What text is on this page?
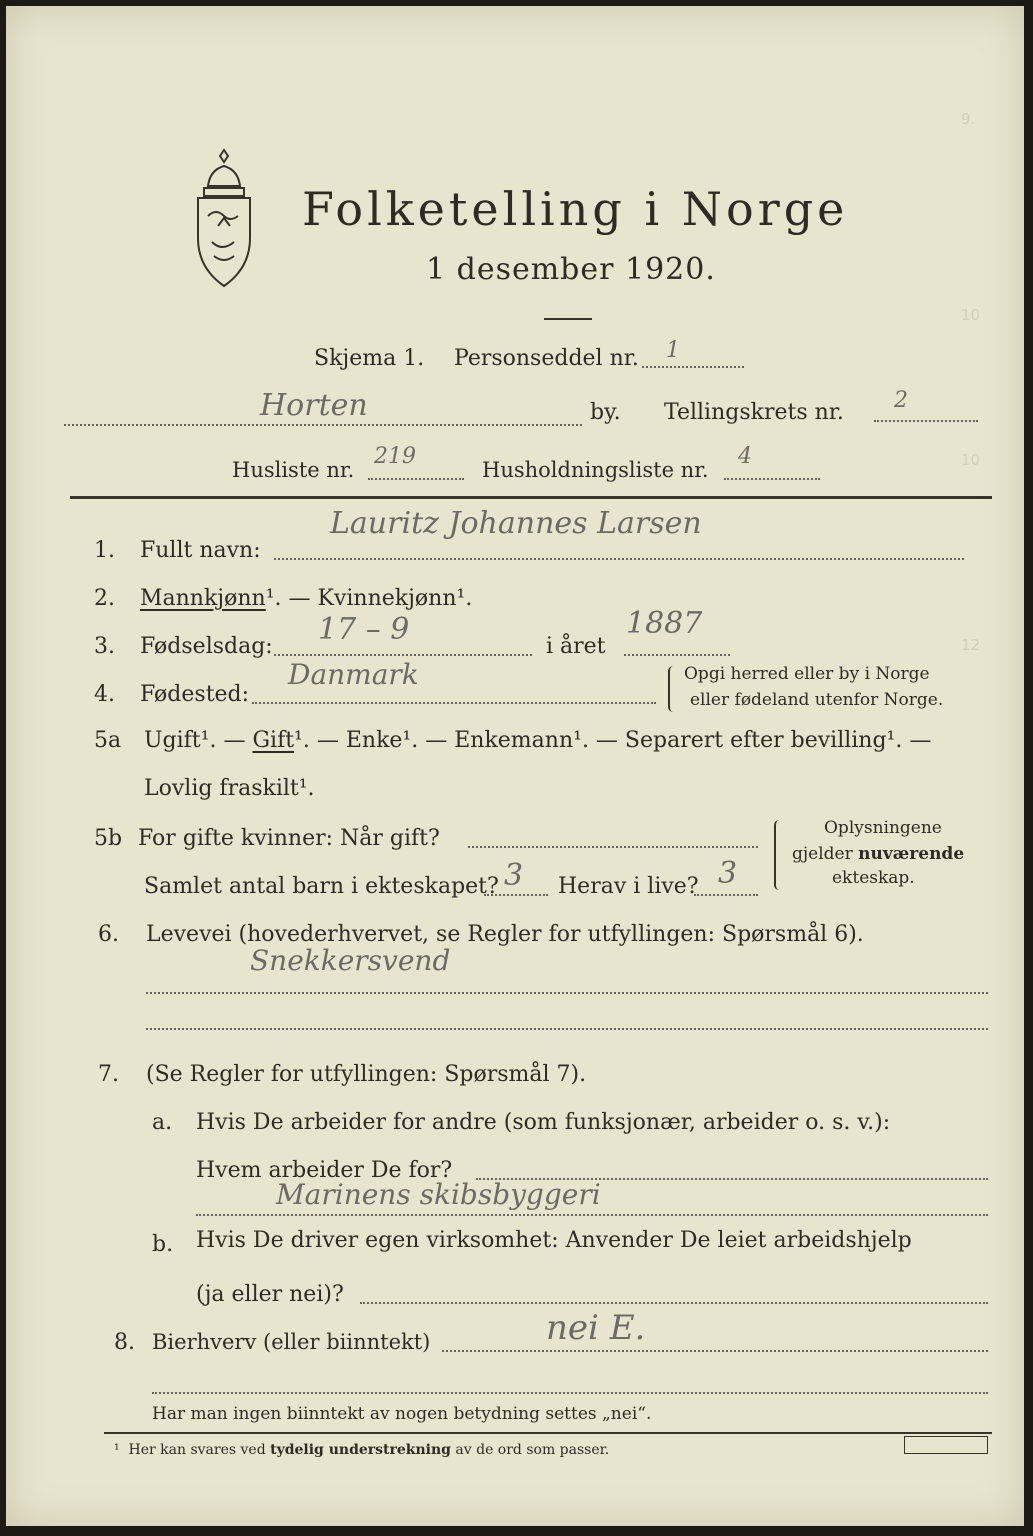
9.
10
10
12
Folketelling i Norge
1 desember 1920.
Skjema 1. Personseddel nr. 1
Horten	by. Tellingskrets nr. 2
Husliste nr.
219
Husholdningsliste nr.
4
1. Fullt navn:
Lauritz Johannes Larsen
2. Mannkjønn¹. — Kvinnekjønn¹.
3. Fødselsdag: 17 – 9	i året
1887
4. Fødested:
Danmark	Opgi herred eller by i Norge
eller fødeland utenfor Norge.
5a Ugift¹. — Gift¹. — Enke¹. — Enkemann¹. — Separert efter bevilling¹. —
Lovlig fraskilt¹.
5b For gifte kvinner: Når gift?
Samlet antal barn i ekteskapet? 3 Herav i live? 3
Oplysningene
gjelder nuværende
ekteskap.
6. Levevei (hovederhvervet, se Regler for utfyllingen: Spørsmål 6).
Snekkersvend
7. (Se Regler for utfyllingen: Spørsmål 7).
a. Hvis De arbeider for andre (som funksjonær, arbeider o. s. v.):
Hvem arbeider De for?
Marinens skibsbyggeri
b. Hvis De driver egen virksomhet: Anvender De leiet arbeidshjelp
(ja eller nei)?
8. Bierhverv (eller biinntekt)	nei E.
Har man ingen biinntekt av nogen betydning settes „nei“.
¹ Her kan svares ved tydelig understrekning av de ord som passer.
